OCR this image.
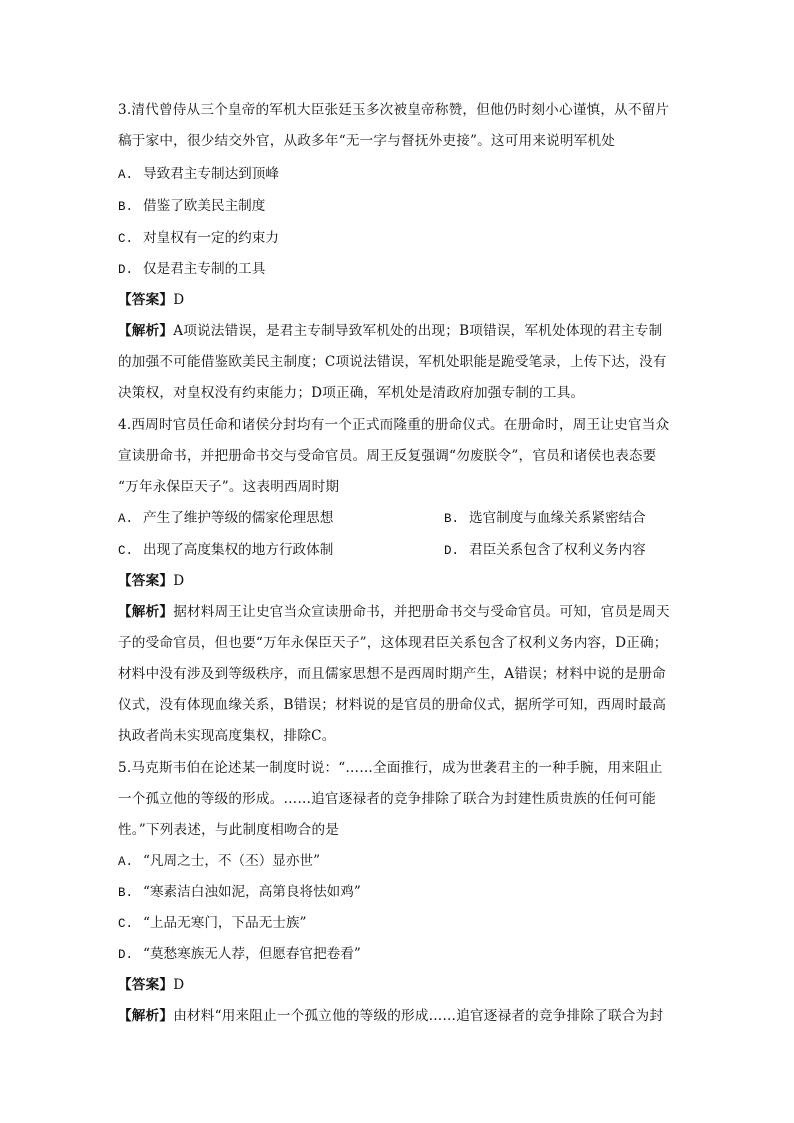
3.清代曾侍从三个皇帝的军机大臣张廷玉多次被皇帝称赞，但他仍时刻小心谨慎，从不留片
稿于家中，很少结交外官，从政多年“无一字与督抚外吏接”。这可用来说明军机处
A. 导致君主专制达到顶峰
B. 借鉴了欧美民主制度
C. 对皇权有一定的约束力
D. 仅是君主专制的工具
【答案】D
【解析】A项说法错误，是君主专制导致军机处的出现；B项错误，军机处体现的君主专制
的加强不可能借鉴欧美民主制度；C项说法错误，军机处职能是跪受笔录，上传下达，没有
决策权，对皇权没有约束能力；D项正确，军机处是清政府加强专制的工具。
4.西周时官员任命和诸侯分封均有一个正式而隆重的册命仪式。在册命时，周王让史官当众
宣读册命书，并把册命书交与受命官员。周王反复强调“勿废朕令”，官员和诸侯也表态要
“万年永保臣天子”。这表明西周时期
A. 产生了维护等级的儒家伦理思想	B. 选官制度与血缘关系紧密结合
C. 出现了高度集权的地方行政体制	D. 君臣关系包含了权利义务内容
【答案】D
【解析】据材料周王让史官当众宣读册命书，并把册命书交与受命官员。可知，官员是周天
子的受命官员，但也要“万年永保臣天子”，这体现君臣关系包含了权利义务内容，D正确；
材料中没有涉及到等级秩序，而且儒家思想不是西周时期产生，A错误；材料中说的是册命
仪式，没有体现血缘关系，B错误；材料说的是官员的册命仪式，据所学可知，西周时最高
执政者尚未实现高度集权，排除C。
5.马克斯韦伯在论述某一制度时说：“……全面推行，成为世袭君主的一种手腕，用来阻止
一个孤立他的等级的形成。……追官逐禄者的竞争排除了联合为封建性质贵族的任何可能
性。”下列表述，与此制度相吻合的是
A. “凡周之士，不（丕）显亦世”
B. “寒素洁白浊如泥，高第良将怯如鸡”
C. “上品无寒门，下品无士族”
D. “莫愁寒族无人荐，但愿春官把卷看”
【答案】D
【解析】由材料“用来阻止一个孤立他的等级的形成……追官逐禄者的竞争排除了联合为封
